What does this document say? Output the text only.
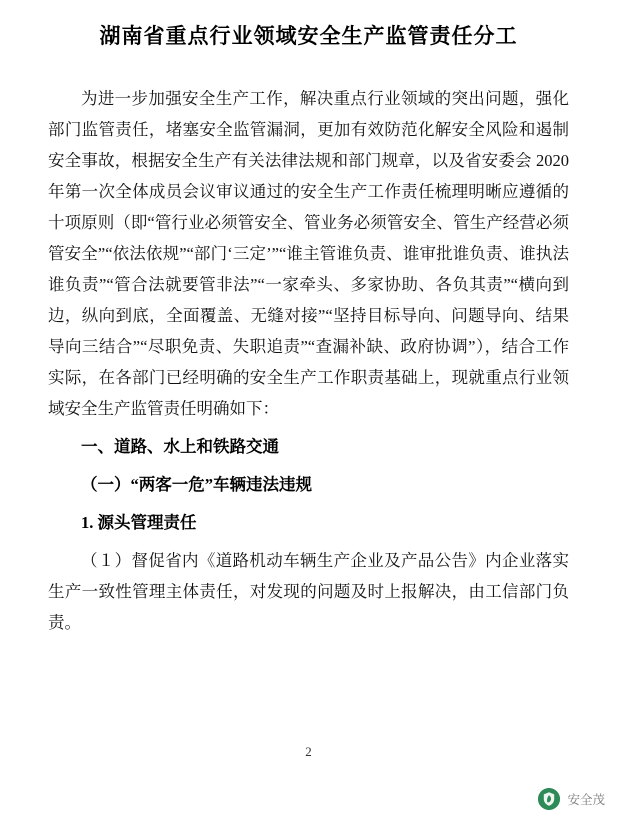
湖南省重点行业领域安全生产监管责任分工

为进一步加强安全生产工作，解决重点行业领域的突出问题，强化部门监管责任，堵塞安全监管漏洞，更加有效防范化解安全风险和遏制安全事故，根据安全生产有关法律法规和部门规章，以及省安委会 2020 年第一次全体成员会议审议通过的安全生产工作责任梳理明晰应遵循的十项原则（即“管行业必须管安全、管业务必须管安全、管生产经营必须管安全”“依法依规”“部门‘三定’”“谁主管谁负责、谁审批谁负责、谁执法谁负责”“管合法就要管非法”“一家牵头、多家协助、各负其责”“横向到边，纵向到底，全面覆盖、无缝对接”“坚持目标导向、问题导向、结果导向三结合”“尽职免责、失职追责”“查漏补缺、政府协调”），结合工作实际，在各部门已经明确的安全生产工作职责基础上，现就重点行业领域安全生产监管责任明确如下：

一、道路、水上和铁路交通

（一）“两客一危”车辆违法违规

1. 源头管理责任

（１）督促省内《道路机动车辆生产企业及产品公告》内企业落实生产一致性管理主体责任，对发现的问题及时上报解决，由工信部门负责。

2
安全茂
